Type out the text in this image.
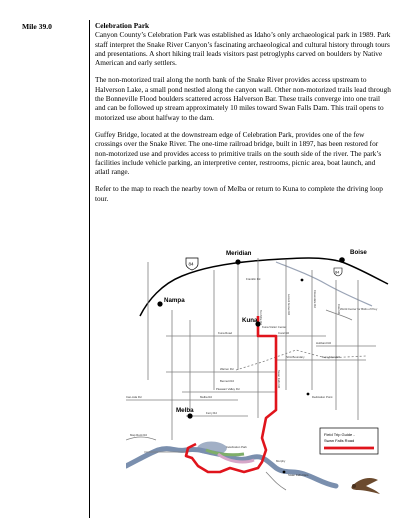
Mile 39.0	Celebration Park

Canyon County’s Celebration Park was established as Idaho’s only archaeological park in 1989. Park staff interpret the Snake River Canyon’s fascinating archaeological and cultural history through tours and presentations. A short hiking trail leads visitors past petroglyphs carved on boulders by Native American and early settlers.

The non-motorized trail along the north bank of the Snake River provides access upstream to Halverson Lake, a small pond nestled along the canyon wall. Other non-motorized trails lead through the Bonneville Flood boulders scattered across Halverson Bar. These trails converge into one trail and can be followed up stream approximately 10 miles toward Swan Falls Dam. This trail opens to motorized use about halfway to the dam.

Guffey Bridge, located at the downstream edge of Celebration Park, provides one of the few crossings over the Snake River. The one-time railroad bridge, built in 1897, has been restored for non-motorized use and provides access to primitive trails on the south side of the river. The park’s facilities include vehicle parking, an interpretive center, restrooms, picnic area, boat launch, and atlatl range.

Refer to the map to reach the nearby town of Melba or return to Kuna to complete the driving loop tour.

Nampa
Meridian	Boise
Kuna
Melba
84
84
Franklin Rd
Kuna Road
Kuna Visitor Center
Coral Rd
NCA Boundary
Hubbard Rd
Kuna Mora Rd
Warren Rd
Bennett Rd
Pleasant Valley Rd
Melba Rd
Ferry Rd
World Center for Birds of Prey
Swan Falls Dam
Dedication Point
Celebration Park
Map Rock Rd
Murphy
Can-Ada Rd
Ten Mile Rd
Locust Grove Rd	Cloverdale Rd
Cole Rd
Swan Falls Rd
Field Trip Guide -
Swan Falls Road
